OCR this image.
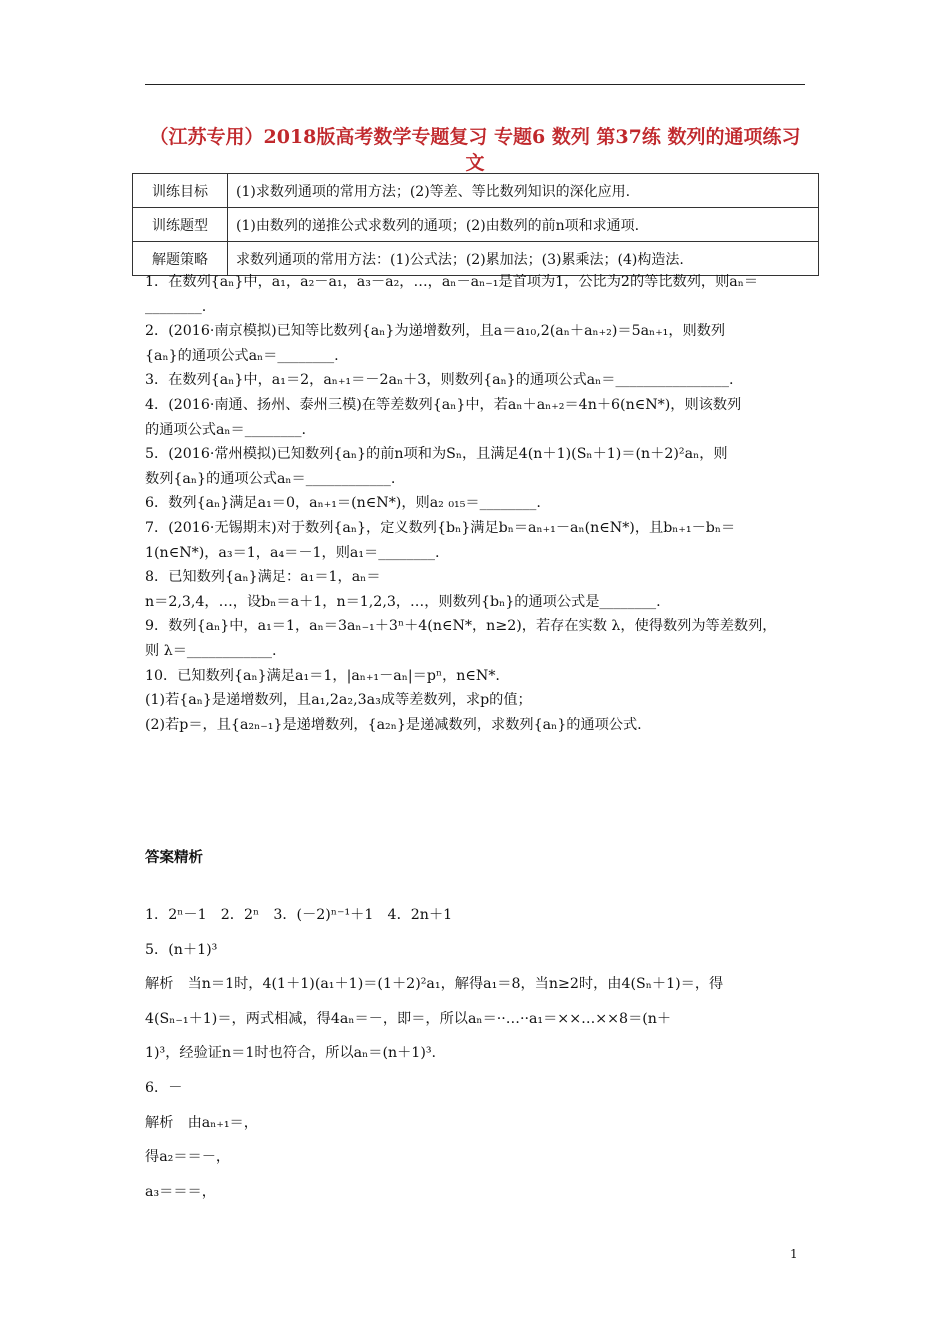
（江苏专用）2018版高考数学专题复习 专题6 数列 第37练 数列的通项练习 文
训练目标	(1)求数列通项的常用方法；(2)等差、等比数列知识的深化应用.
训练题型	(1)由数列的递推公式求数列的通项；(2)由数列的前n项和求通项.
解题策略	求数列通项的常用方法：(1)公式法；(2)累加法；(3)累乘法；(4)构造法.

1．在数列{aₙ}中，a₁，a₂－a₁，a₃－a₂，…，aₙ－aₙ₋₁是首项为1，公比为2的等比数列，则aₙ＝

________.

2．(2016·南京模拟)已知等比数列{aₙ}为递增数列，且a＝a₁₀,2(aₙ＋aₙ₊₂)＝5aₙ₊₁，则数列

{aₙ}的通项公式aₙ＝________.

3．在数列{aₙ}中，a₁＝2，aₙ₊₁＝－2aₙ＋3，则数列{aₙ}的通项公式aₙ＝________________.

4．(2016·南通、扬州、泰州三模)在等差数列{aₙ}中，若aₙ＋aₙ₊₂＝4n＋6(n∈N*)，则该数列

的通项公式aₙ＝________.

5．(2016·常州模拟)已知数列{aₙ}的前n项和为Sₙ，且满足4(n＋1)(Sₙ＋1)＝(n＋2)²aₙ，则

数列{aₙ}的通项公式aₙ＝____________.

6．数列{aₙ}满足a₁＝0，aₙ₊₁＝(n∈N*)，则a₂ ₀₁₅＝________.

7．(2016·无锡期末)对于数列{aₙ}，定义数列{bₙ}满足bₙ＝aₙ₊₁－aₙ(n∈N*)，且bₙ₊₁－bₙ＝

1(n∈N*)，a₃＝1，a₄＝－1，则a₁＝________.

8．已知数列{aₙ}满足：a₁＝1，aₙ＝

n＝2,3,4，…，设bₙ＝a＋1，n＝1,2,3，…，则数列{bₙ}的通项公式是________.

9．数列{aₙ}中，a₁＝1，aₙ＝3aₙ₋₁＋3ⁿ＋4(n∈N*，n≥2)，若存在实数 λ，使得数列为等差数列，

则 λ＝____________.

10．已知数列{aₙ}满足a₁＝1，|aₙ₊₁－aₙ|＝pⁿ，n∈N*.

(1)若{aₙ}是递增数列，且a₁,2a₂,3a₃成等差数列，求p的值；

(2)若p＝，且{a₂ₙ₋₁}是递增数列，{a₂ₙ}是递减数列，求数列{aₙ}的通项公式.

答案精析

1．2ⁿ－1　2．2ⁿ　3．(－2)ⁿ⁻¹＋1　4．2n＋1

5．(n＋1)³

解析　当n＝1时，4(1＋1)(a₁＋1)＝(1＋2)²a₁，解得a₁＝8，当n≥2时，由4(Sₙ＋1)＝，得

4(Sₙ₋₁＋1)＝，两式相减，得4aₙ＝－，即＝，所以aₙ＝··…··a₁＝××…××8＝(n＋

1)³，经验证n＝1时也符合，所以aₙ＝(n＋1)³.

6．－

解析　由aₙ₊₁＝，

得a₂＝＝－，

a₃＝＝＝，

1
